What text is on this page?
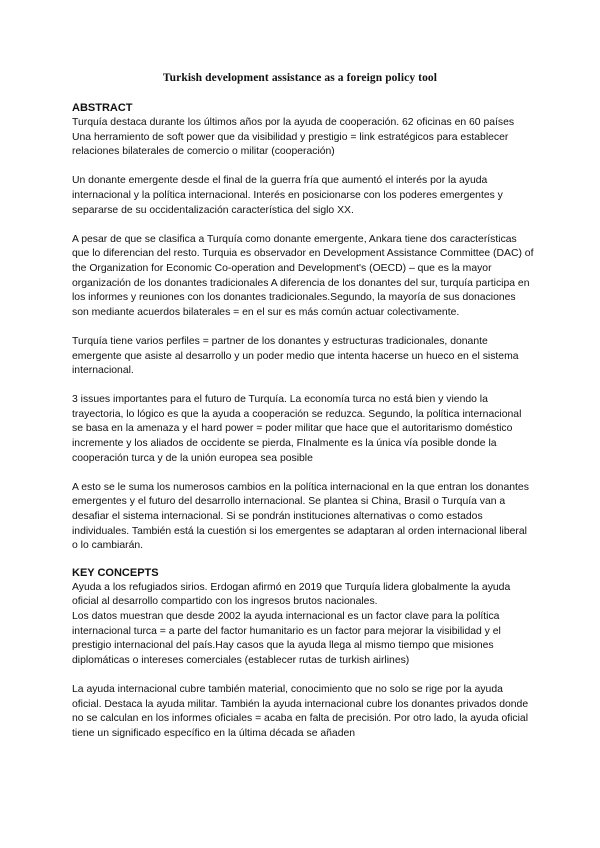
Turkish development assistance as a foreign policy tool
ABSTRACT

Turquía destaca durante los últimos años por la ayuda de cooperación. 62 oficinas en 60 países Una herramiento de soft power que da visibilidad y prestigio = link estratégicos para establecer relaciones bilaterales de comercio o militar (cooperación)

Un donante emergente desde el final de la guerra fría que aumentó el interés por la ayuda internacional y la política internacional. Interés en posicionarse con los poderes emergentes y separarse de su occidentalización característica del siglo XX.

A pesar de que se clasifica a Turquía como donante emergente, Ankara tiene dos características que lo diferencian del resto. Turquia es observador en Development Assistance Committee (DAC) of the Organization for Economic Co-operation and Development's (OECD) – que es la mayor organización de los donantes tradicionales A diferencia de los donantes del sur, turquía participa en los informes y reuniones con los donantes tradicionales.Segundo, la mayoría de sus donaciones son mediante acuerdos bilaterales = en el sur es más común actuar colectivamente.

Turquía tiene varios perfiles = partner de los donantes y estructuras tradicionales, donante emergente que asiste al desarrollo y un poder medio que intenta hacerse un hueco en el sistema internacional.

3 issues importantes para el futuro de Turquía. La economía turca no está bien y viendo la trayectoria, lo lógico es que la ayuda a cooperación se reduzca. Segundo, la política internacional se basa en la amenaza y el hard power = poder militar que hace que el autoritarismo doméstico incremente y los aliados de occidente se pierda, FInalmente es la única vía posible donde la cooperación turca y de la unión europea sea posible

A esto se le suma los numerosos cambios en la política internacional en la que entran los donantes emergentes y el futuro del desarrollo internacional. Se plantea si China, Brasil o Turquía van a desafiar el sistema internacional. Si se pondrán instituciones alternativas o como estados individuales. También está la cuestión si los emergentes se adaptaran al orden internacional liberal o lo cambiarán.

KEY CONCEPTS

Ayuda a los refugiados sirios. Erdogan afirmó en 2019 que Turquía lidera globalmente la ayuda oficial al desarrollo compartido con los ingresos brutos nacionales.

Los datos muestran que desde 2002 la ayuda internacional es un factor clave para la política internacional turca = a parte del factor humanitario es un factor para mejorar la visibilidad y el prestigio internacional del país.Hay casos que la ayuda llega al mismo tiempo que misiones diplomáticas o intereses comerciales (establecer rutas de turkish airlines)

La ayuda internacional cubre también material, conocimiento que no solo se rige por la ayuda oficial. Destaca la ayuda militar. También la ayuda internacional cubre los donantes privados donde no se calculan en los informes oficiales = acaba en falta de precisión. Por otro lado, la ayuda oficial tiene un significado específico en la última década se añaden
